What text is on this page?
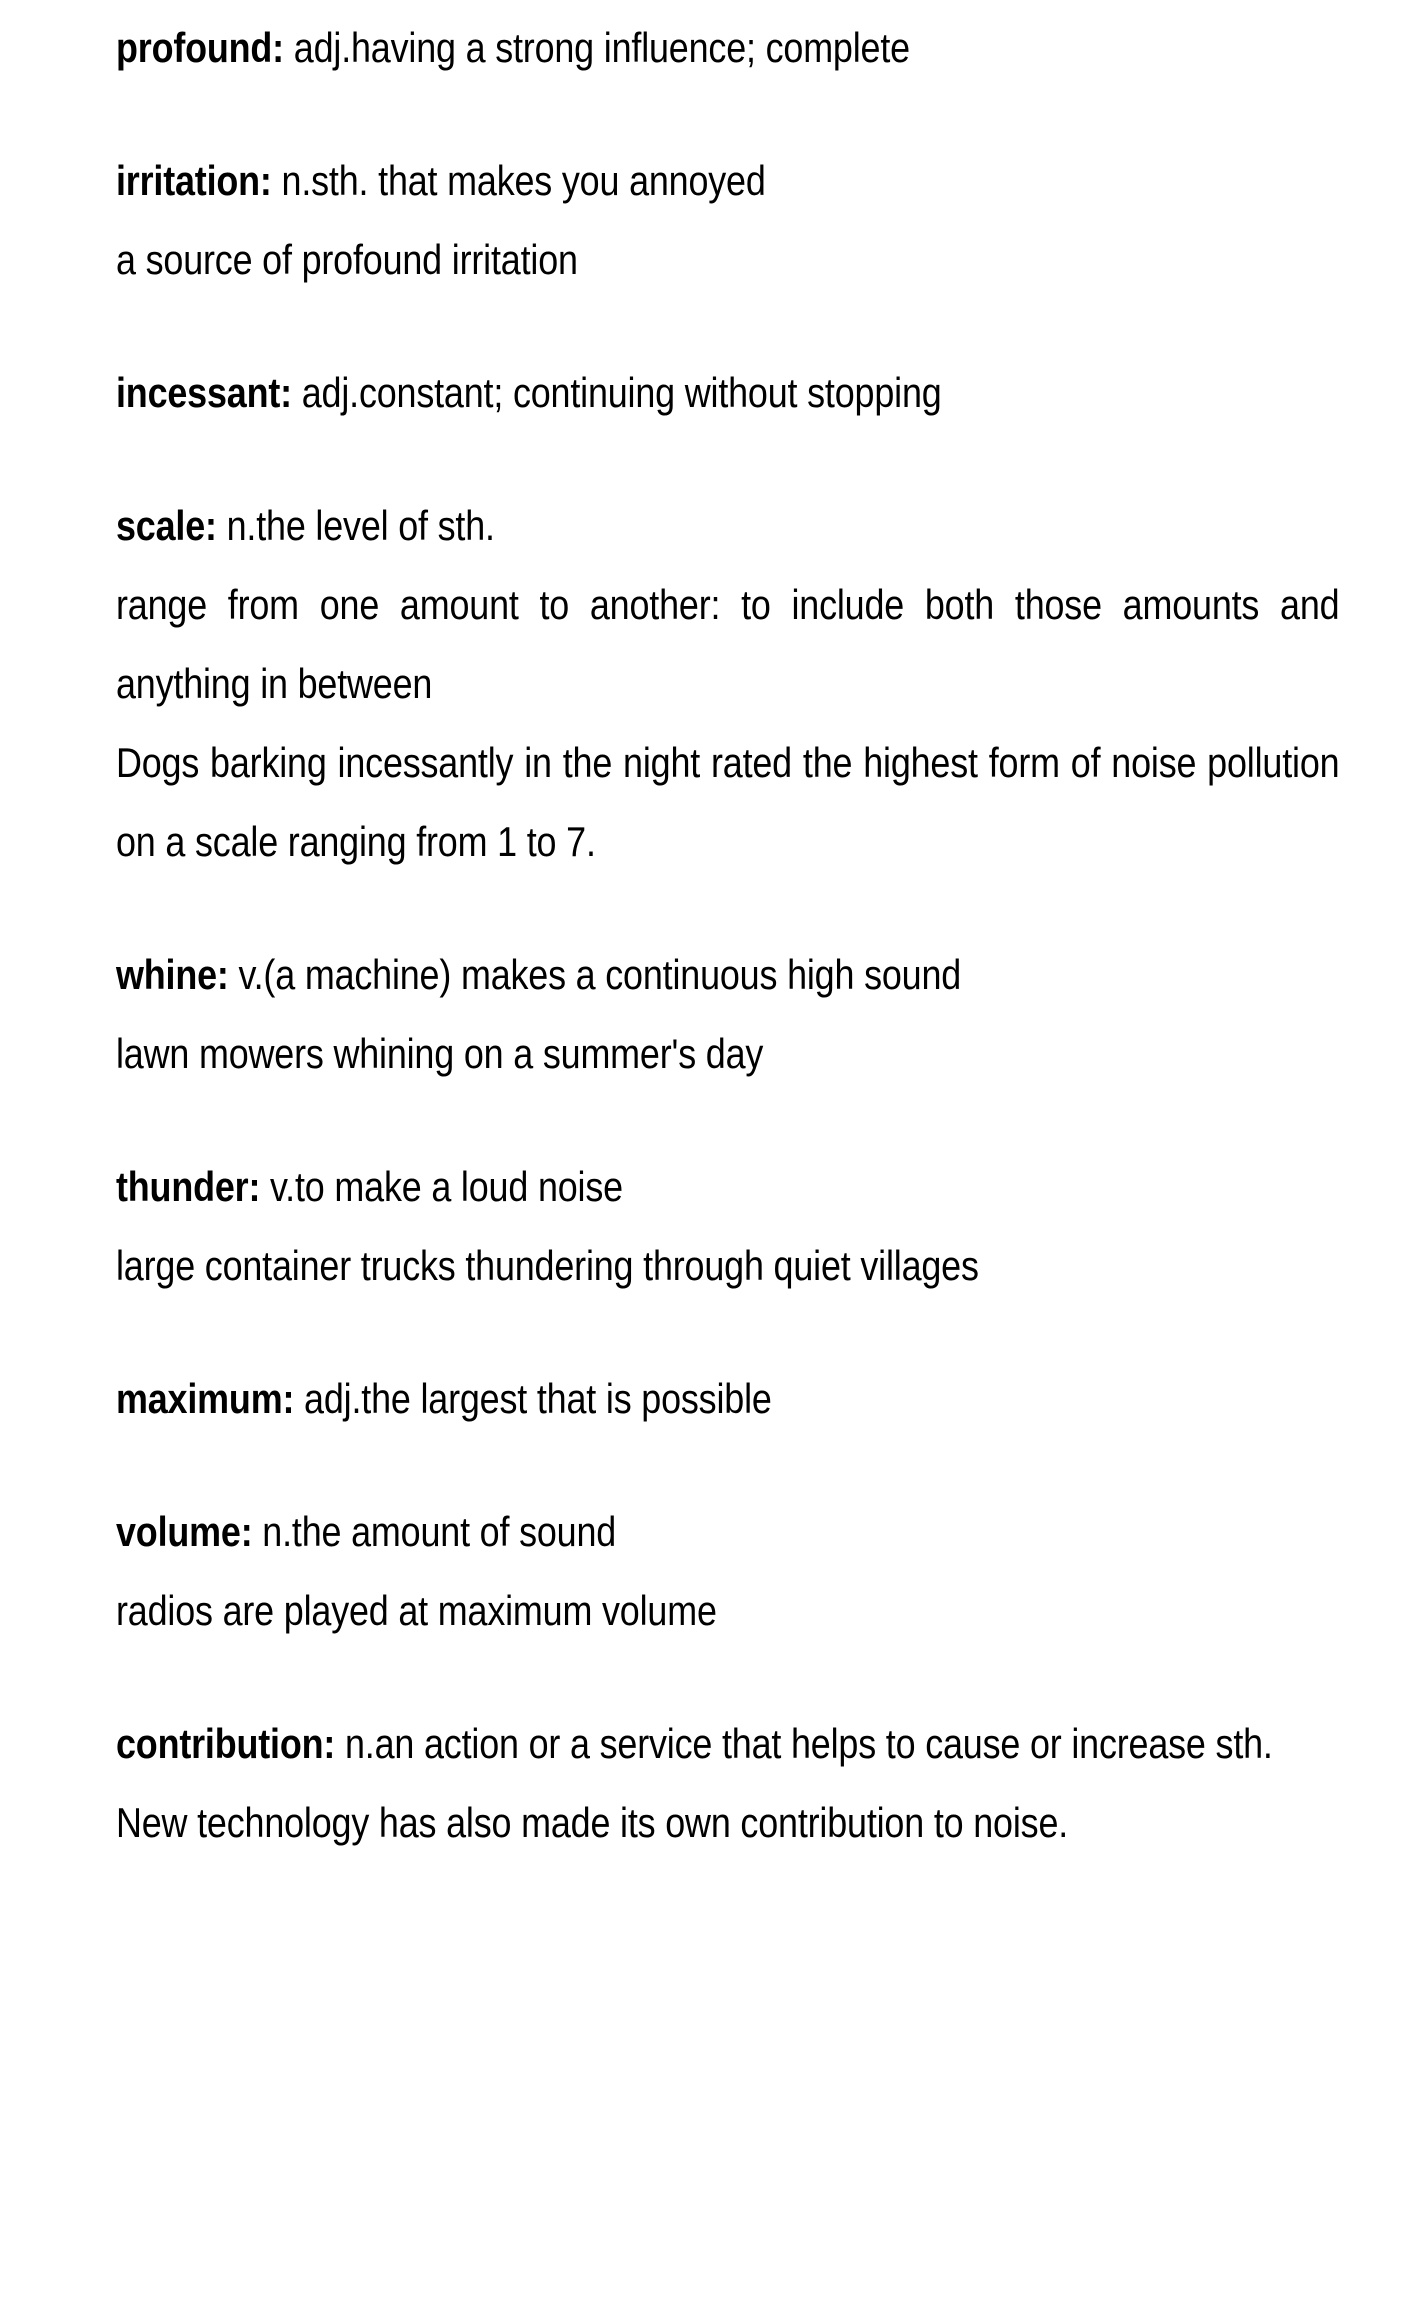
profound: adj.having a strong influence; complete
irritation: n.sth. that makes you annoyed
a source of profound irritation
incessant: adj.constant; continuing without stopping
scale: n.the level of sth.
range from one amount to another: to include both those amounts and anything in between
Dogs barking incessantly in the night rated the highest form of noise pollution on a scale ranging from 1 to 7.
whine: v.(a machine) makes a continuous high sound
lawn mowers whining on a summer's day
thunder: v.to make a loud noise
large container trucks thundering through quiet villages
maximum: adj.the largest that is possible
volume: n.the amount of sound
radios are played at maximum volume
contribution: n.an action or a service that helps to cause or increase sth.
New technology has also made its own contribution to noise.
